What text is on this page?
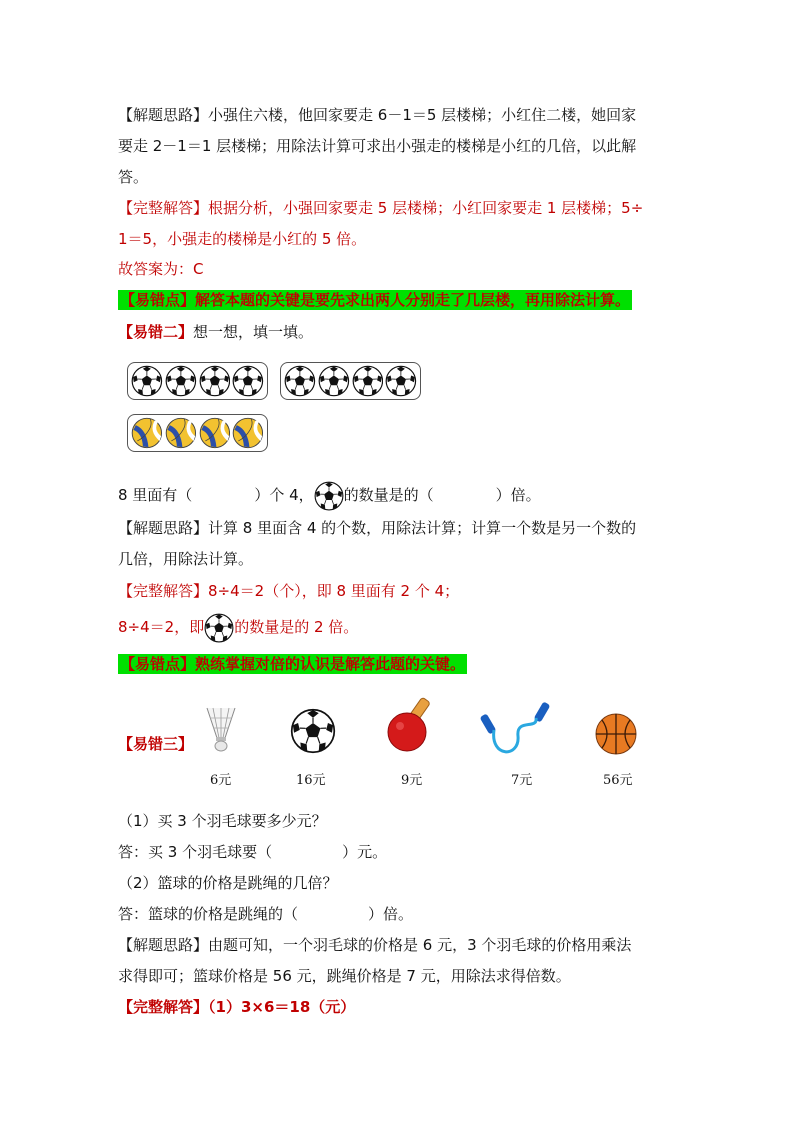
【解题思路】小强住六楼，他回家要走 6－1＝5 层楼梯；小红住二楼，她回家
要走 2－1＝1 层楼梯；用除法计算可求出小强走的楼梯是小红的几倍，以此解
答。
【完整解答】根据分析，小强回家要走 5 层楼梯；小红回家要走 1 层楼梯；5÷
1＝5，小强走的楼梯是小红的 5 倍。
故答案为：C
【易错点】解答本题的关键是要先求出两人分别走了几层楼，再用除法计算。
【易错二】想一想，填一填。
8 里面有（	）个 4， 的数量是的（	）倍。
【解题思路】计算 8 里面含 4 的个数，用除法计算；计算一个数是另一个数的
几倍，用除法计算。
【完整解答】8÷4＝2（个），即 8 里面有 2 个 4；
8÷4＝2，即 的数量是的 2 倍。
【易错点】熟练掌握对倍的认识是解答此题的关键。
【易错三】
6元	16元	9元	7元	56元
（1）买 3 个羽毛球要多少元？
答：买 3 个羽毛球要（	）元。
（2）篮球的价格是跳绳的几倍？
答：篮球的价格是跳绳的（	）倍。
【解题思路】由题可知，一个羽毛球的价格是 6 元，3 个羽毛球的价格用乘法
求得即可；篮球价格是 56 元，跳绳价格是 7 元，用除法求得倍数。
【完整解答】（1）3×6＝18（元）
